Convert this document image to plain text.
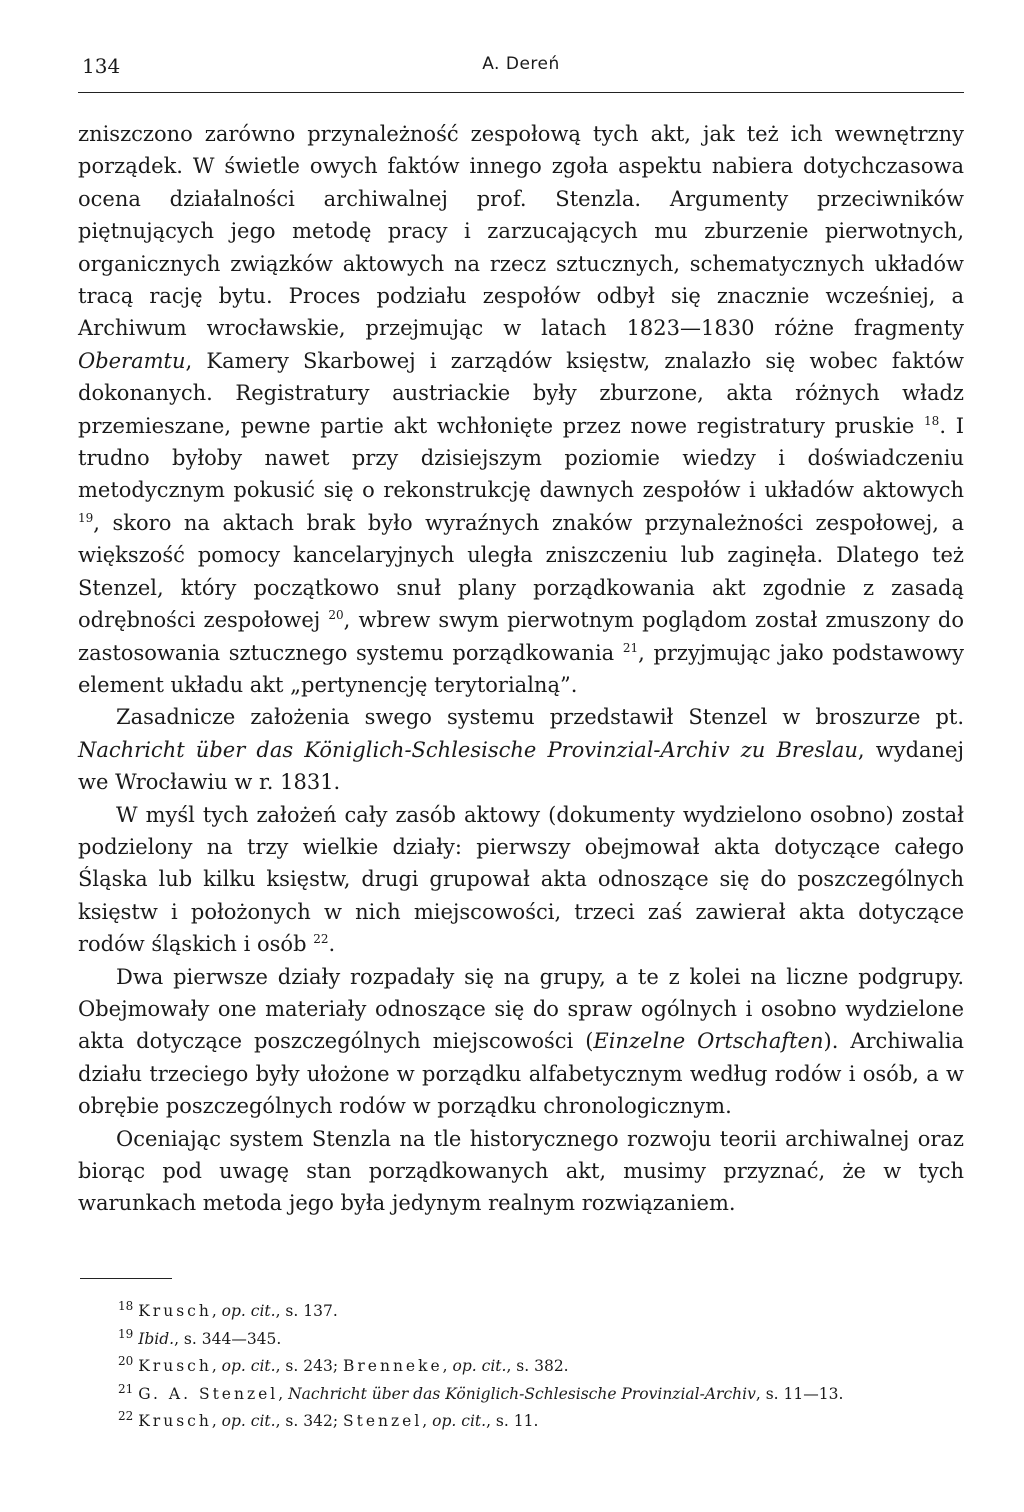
134	A. Dereń

zniszczono zarówno przynależność zespołową tych akt, jak też ich wewnętrzny porządek. W świetle owych faktów innego zgoła aspektu nabiera dotychczasowa ocena działalności archiwalnej prof. Stenzla. Argumenty przeciwników piętnujących jego metodę pracy i zarzucających mu zburzenie pierwotnych, organicznych związków aktowych na rzecz sztucznych, schematycznych układów tracą rację bytu. Proces podziału zespołów odbył się znacznie wcześniej, a Archiwum wrocławskie, przejmując w latach 1823—1830 różne fragmenty Oberamtu, Kamery Skarbowej i zarządów księstw, znalazło się wobec faktów dokonanych. Registratury austriackie były zburzone, akta różnych władz przemieszane, pewne partie akt wchłonięte przez nowe registratury pruskie $^{18}$. I trudno byłoby nawet przy dzisiejszym poziomie wiedzy i doświadczeniu metodycznym pokusić się o rekonstrukcję dawnych zespołów i układów aktowych $^{19}$, skoro na aktach brak było wyraźnych znaków przynależności zespołowej, a większość pomocy kancelaryjnych uległa zniszczeniu lub zaginęła. Dlatego też Stenzel, który początkowo snuł plany porządkowania akt zgodnie z zasadą odrębności zespołowej $^{20}$, wbrew swym pierwotnym poglądom został zmuszony do zastosowania sztucznego systemu porządkowania $^{21}$, przyjmując jako podstawowy element układu akt „pertynencję terytorialną”.

Zasadnicze założenia swego systemu przedstawił Stenzel w broszurze pt. Nachricht über das Königlich-Schlesische Provinzial-Archiv zu Breslau, wydanej we Wrocławiu w r. 1831.

W myśl tych założeń cały zasób aktowy (dokumenty wydzielono osobno) został podzielony na trzy wielkie działy: pierwszy obejmował akta dotyczące całego Śląska lub kilku księstw, drugi grupował akta odnoszące się do poszczególnych księstw i położonych w nich miejscowości, trzeci zaś zawierał akta dotyczące rodów śląskich i osób $^{22}$.

Dwa pierwsze działy rozpadały się na grupy, a te z kolei na liczne podgrupy. Obejmowały one materiały odnoszące się do spraw ogólnych i osobno wydzielone akta dotyczące poszczególnych miejscowości (Einzelne Ortschaften). Archiwalia działu trzeciego były ułożone w porządku alfabetycznym według rodów i osób, a w obrębie poszczególnych rodów w porządku chronologicznym.

Oceniając system Stenzla na tle historycznego rozwoju teorii archiwalnej oraz biorąc pod uwagę stan porządkowanych akt, musimy przyznać, że w tych warunkach metoda jego była jedynym realnym rozwiązaniem.

$^{18}$ Krusch, op. cit., s. 137.

$^{19}$ Ibid., s. 344—345.

$^{20}$ Krusch, op. cit., s. 243; Brenneke, op. cit., s. 382.

$^{21}$ G. A. Stenzel, Nachricht über das Königlich-Schlesische Provinzial-Archiv, s. 11—13.

$^{22}$ Krusch, op. cit., s. 342; Stenzel, op. cit., s. 11.
